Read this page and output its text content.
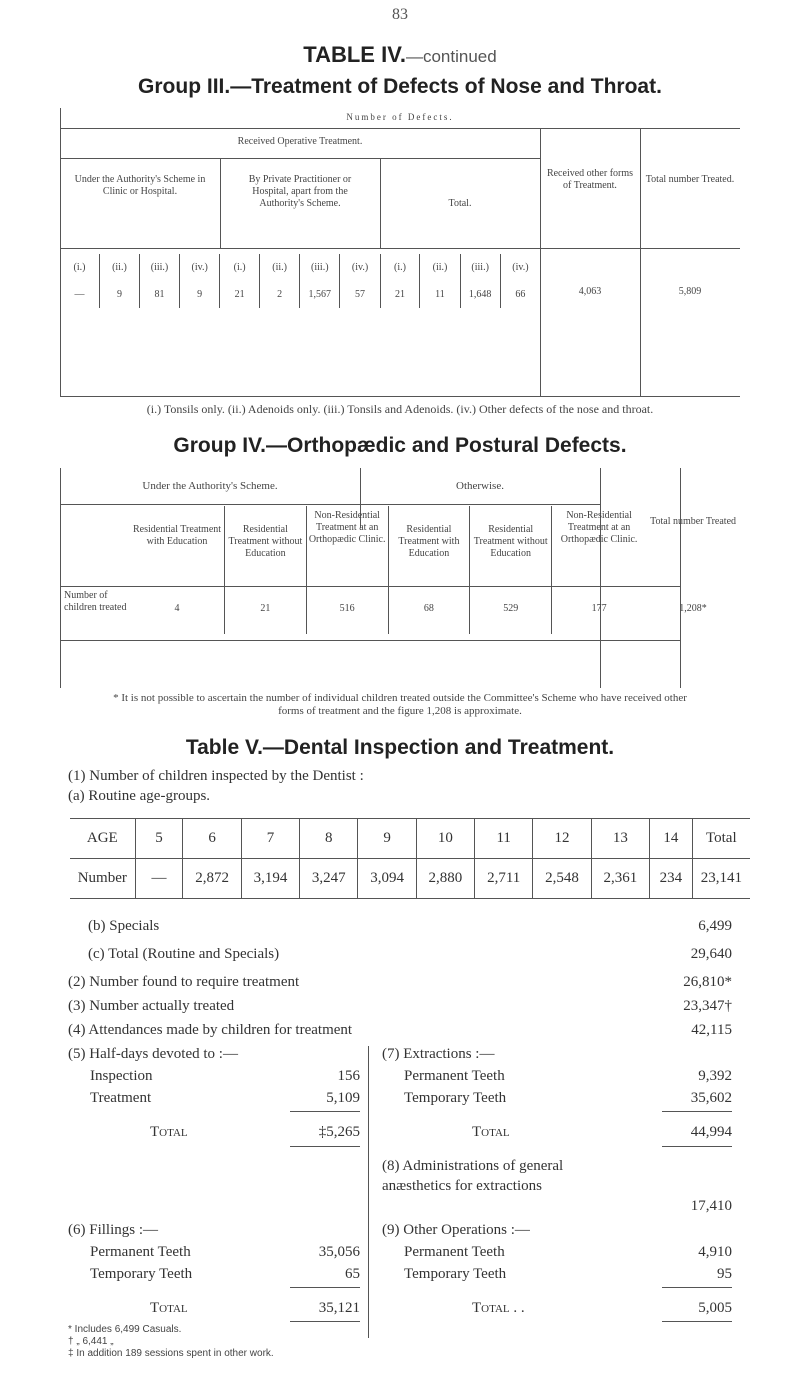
83
TABLE IV.—continued
Group III.—Treatment of Defects of Nose and Throat.
Number of Defects.
Received Operative Treatment.
Under the Authority's Scheme in Clinic or Hospital.
By Private Practitioner or Hospital, apart from the Authority's Scheme.	Total.
Received other forms of Treatment.
Total number Treated.
(i.)	(ii.)	(iii.)	(iv.)	(i.)	(ii.)	(iii.)	(iv.)	(i.)	(ii.)	(iii.)	(iv.)
—	9	81	9	21	2	1,567	57	21	11	1,648	66	4,063	5,809
(i.) Tonsils only. (ii.) Adenoids only. (iii.) Tonsils and Adenoids. (iv.) Other defects of the nose and throat.
Group IV.—Orthopædic and Postural Defects.
Under the Authority's Scheme.	Otherwise.
Number of children treated
Residential Treatment with Education	Residential Treatment without Education	Non-Residential Treatment at an Orthopædic Clinic.	Residential Treatment with Education	Residential Treatment without Education	Non-Residential Treatment at an Orthopædic Clinic.	Total number Treated
4	21	516	68	529	177	1,208*
* It is not possible to ascertain the number of individual children treated outside the Committee's Scheme who have received other forms of treatment and the figure 1,208 is approximate.
Table V.—Dental Inspection and Treatment.
(1) Number of children inspected by the Dentist :
(a) Routine age-groups.
AGE	5	6	7	8	9	10	11	12	13	14	Total
Number	—	2,872	3,194	3,247	3,094	2,880	2,711	2,548	2,361	234	23,141
(b) Specials	6,499
(c) Total (Routine and Specials)	29,640
(2) Number found to require treatment	26,810*
(3) Number actually treated	23,347†
(4) Attendances made by children for treatment	42,115
(5) Half-days devoted to :—
Inspection	156
Treatment	5,109
Total	‡5,265
(6) Fillings :—
Permanent Teeth	35,056
Temporary Teeth	65
Total	35,121
(7) Extractions :—
Permanent Teeth	9,392
Temporary Teeth	35,602
Total	44,994
(8) Administrations of general anæsthetics for extractions
17,410
(9) Other Operations :—
Permanent Teeth	4,910
Temporary Teeth	95
Total . .	5,005
* Includes 6,499 Casuals.
† „ 6,441 „
‡ In addition 189 sessions spent in other work.
